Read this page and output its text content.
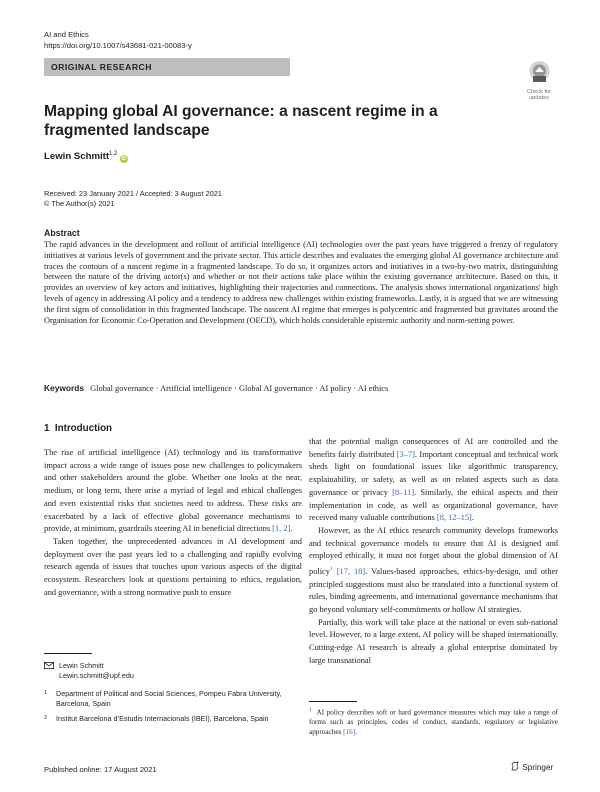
AI and Ethics
https://doi.org/10.1007/s43681-021-00083-y
ORIGINAL RESEARCH
Check for
updates
Mapping global AI governance: a nascent regime in a fragmented landscape
Lewin Schmitt$^{1,2}$ iD
Received: 23 January 2021 / Accepted: 3 August 2021
© The Author(s) 2021
Abstract
The rapid advances in the development and rollout of artificial intelligence (AI) technologies over the past years have triggered a frenzy of regulatory initiatives at various levels of government and the private sector. This article describes and evaluates the emerging global AI governance architecture and traces the contours of a nascent regime in a fragmented landscape. To do so, it organizes actors and initiatives in a two-by-two matrix, distinguishing between the nature of the driving actor(s) and whether or not their actions take place within the existing governance architecture. Based on this, it provides an overview of key actors and initiatives, highlighting their trajectories and connections. The analysis shows international organizations' high levels of agency in addressing AI policy and a tendency to address new challenges within existing frameworks. Lastly, it is argued that we are witnessing the first signs of consolidation in this fragmented landscape. The nascent AI regime that emerges is polycentric and fragmented but gravitates around the Organisation for Economic Co-Operation and Development (OECD), which holds considerable epistemic authority and norm-setting power.
Keywords Global governance · Artificial intelligence · Global AI governance · AI policy · AI ethics
1 Introduction

The rise of artificial intelligence (AI) technology and its transformative impact across a wide range of issues pose new challenges to policymakers and other stakeholders around the globe. Whether one looks at the near, medium, or long term, there arise a myriad of legal and ethical challenges and even existential risks that societies need to address. These risks are exacerbated by a lack of effective global governance mechanisms to provide, at minimum, guardrails steering AI in beneficial directions [1, 2].

Taken together, the unprecedented advances in AI development and deployment over the past years led to a challenging and rapidly evolving research agenda of issues that touches upon various aspects of the digital ecosystem. Researchers look at questions pertaining to ethics, regulation, and governance, with a strong normative push to ensure

that the potential malign consequences of AI are controlled and the benefits fairly distributed [3–7]. Important conceptual and technical work sheds light on foundational issues like algorithmic transparency, explainability, or safety, as well as on related aspects such as data governance or privacy [8–11]. Similarly, the ethical aspects and their implementation in code, as well as organizational governance, have received many valuable contributions [8, 12–15].

However, as the AI ethics research community develops frameworks and technical governance models to ensure that AI is designed and employed ethically, it must not forget about the global dimension of AI policy$^1$ [17, 18]. Values-based approaches, ethics-by-design, and other principled suggestions must also be translated into a functional system of rules, binding agreements, and international governance mechanisms that go beyond voluntary self-commitments or hollow AI strategies.

Partially, this work will take place at the national or even sub-national level. However, to a large extent, AI policy will be shaped internationally. Cutting-edge AI research is already a global enterprise dominated by large transnational

Lewin Schmitt
Lewin.schmitt@upf.edu
1	Department of Political and Social Sciences, Pompeu Fabra University, Barcelona, Spain
2	Institut Barcelona d’Estudis Internacionals (IBEI), Barcelona, Spain
$^1$ AI policy describes soft or hard governance measures which may take a range of forms such as principles, codes of conduct, standards, regulatory or legislative approaches [16].
Published online: 17 August 2021	Springer
